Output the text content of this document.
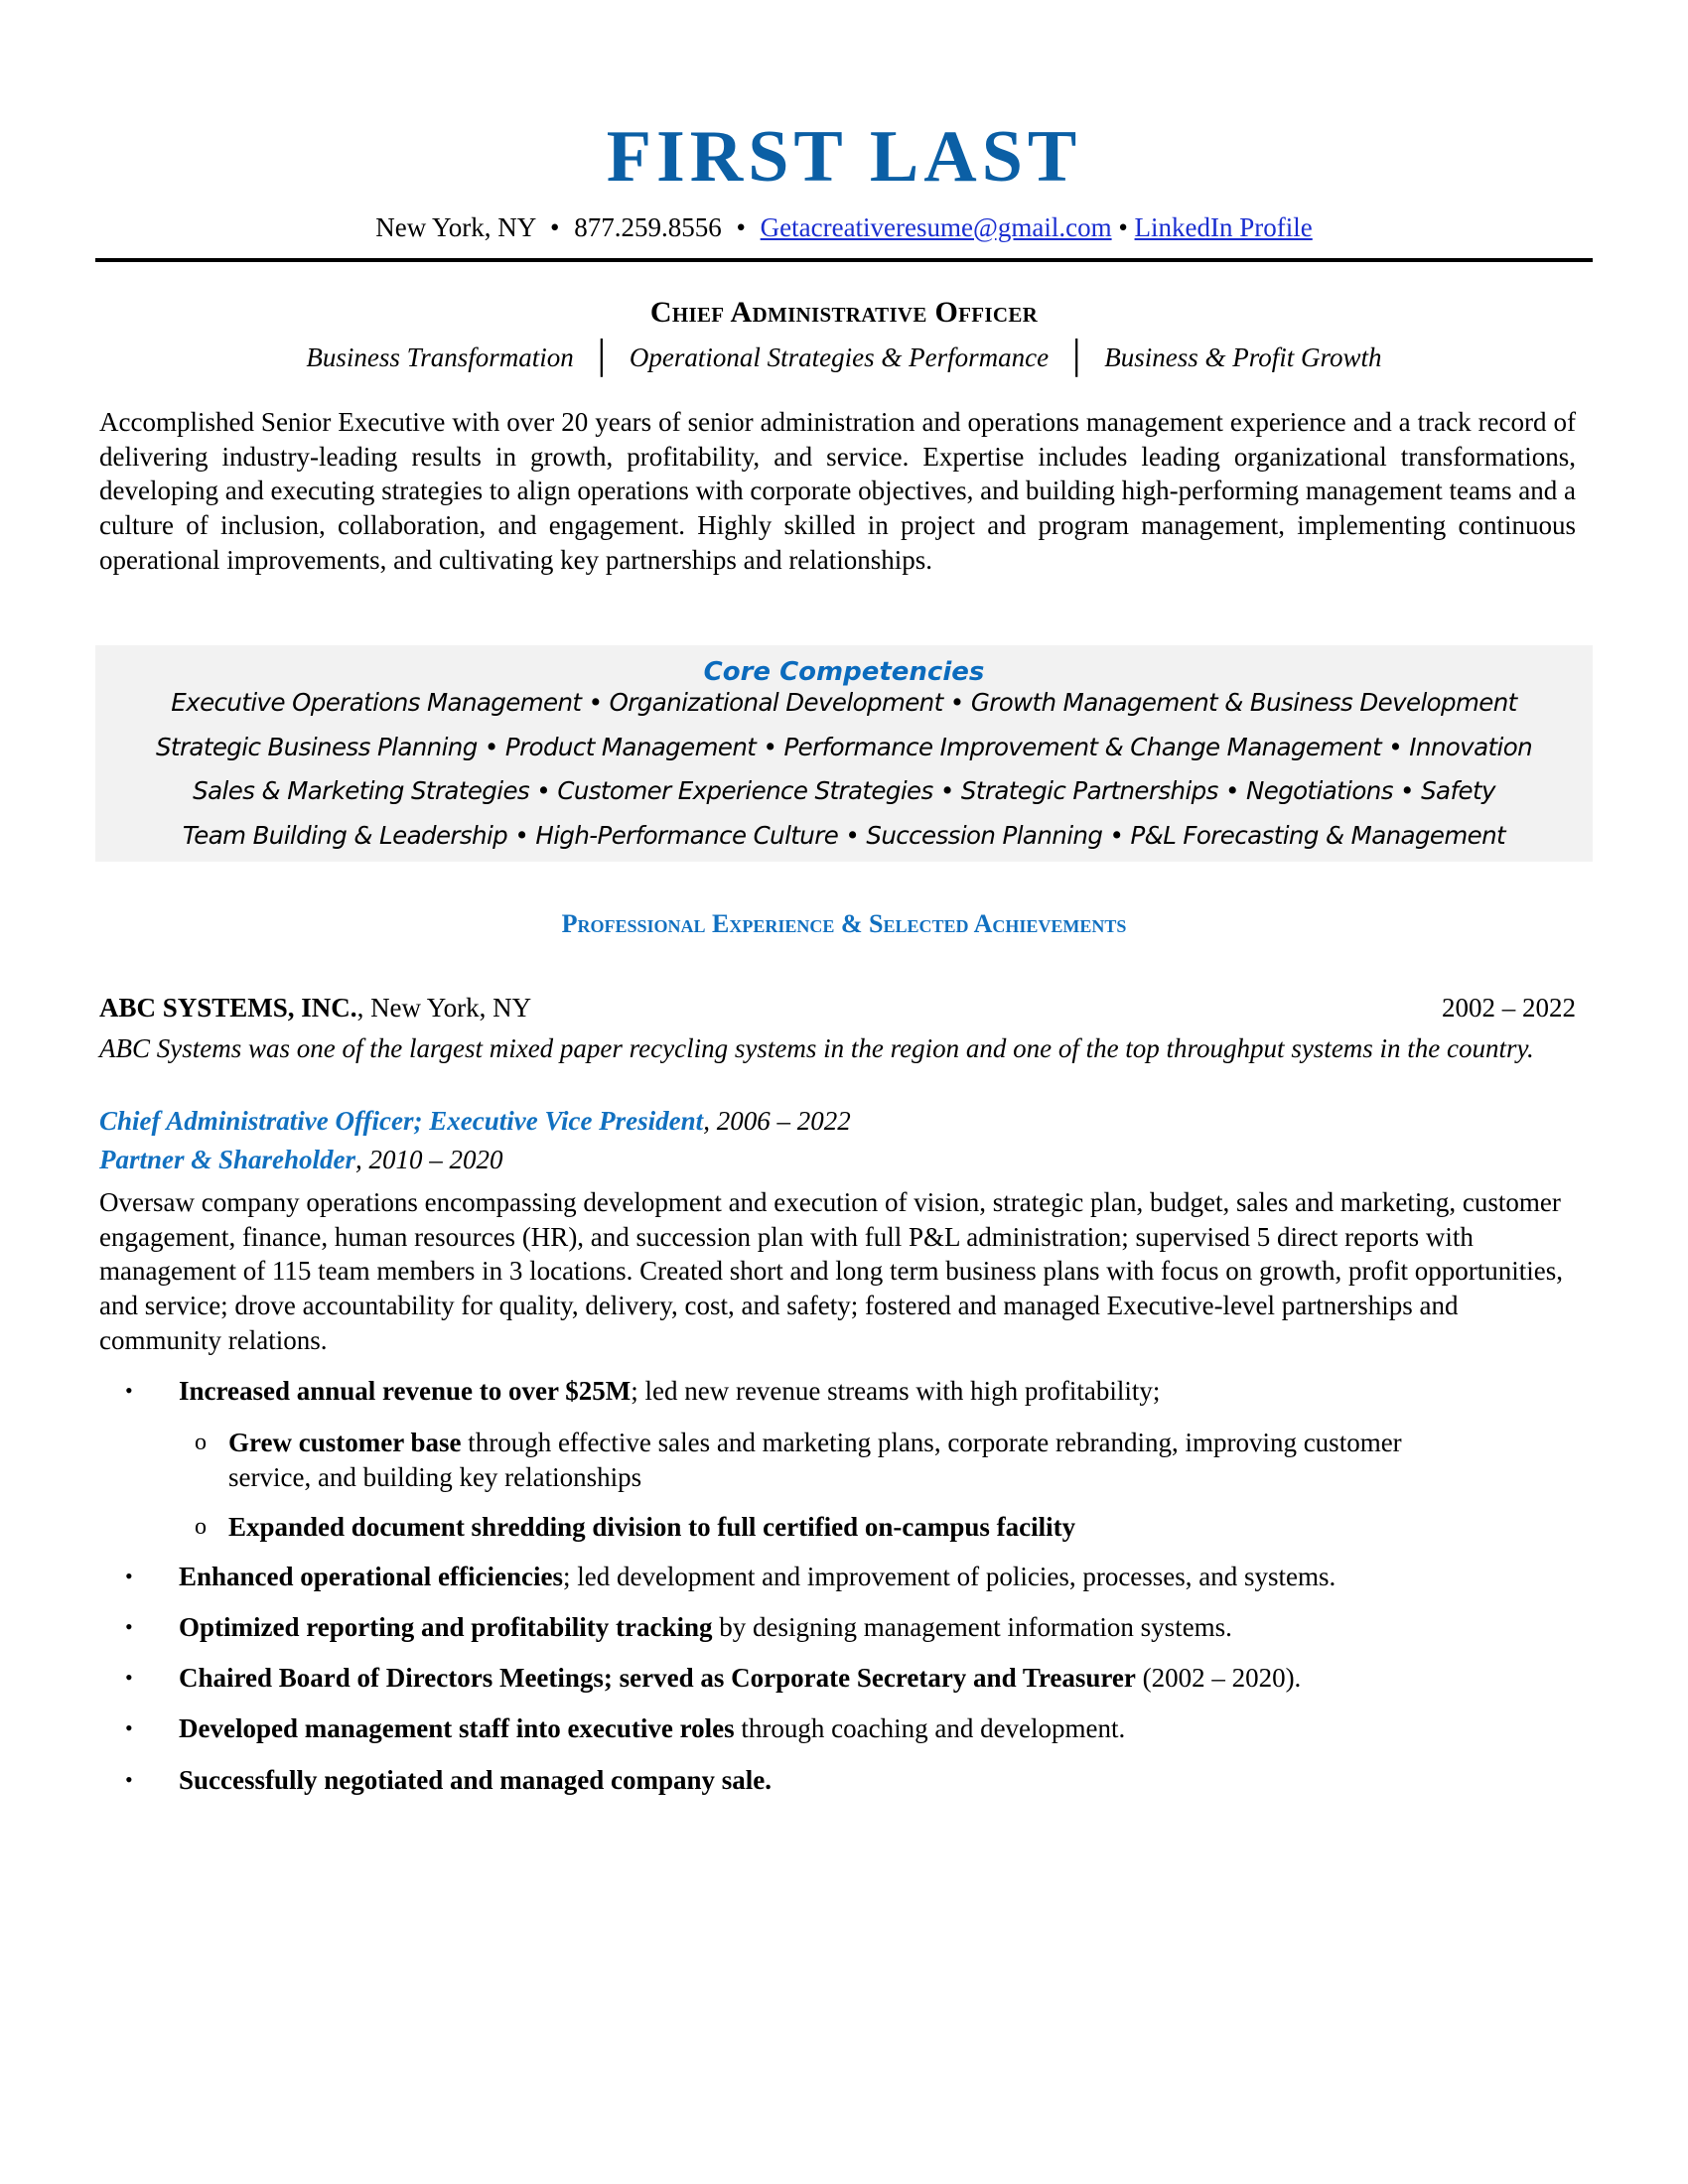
FIRST LAST
New York, NY • 877.259.8556 • Getacreativeresume@gmail.com • LinkedIn Profile
Chief Administrative Officer
Business Transformation │ Operational Strategies & Performance │ Business & Profit Growth
Accomplished Senior Executive with over 20 years of senior administration and operations management experience and a track record of delivering industry-leading results in growth, profitability, and service. Expertise includes leading organizational transformations, developing and executing strategies to align operations with corporate objectives, and building high-performing management teams and a culture of inclusion, collaboration, and engagement. Highly skilled in project and program management, implementing continuous operational improvements, and cultivating key partnerships and relationships.
Core Competencies
Executive Operations Management • Organizational Development • Growth Management & Business Development
Strategic Business Planning • Product Management • Performance Improvement & Change Management • Innovation
Sales & Marketing Strategies • Customer Experience Strategies • Strategic Partnerships • Negotiations • Safety
Team Building & Leadership • High-Performance Culture • Succession Planning • P&L Forecasting & Management
Professional Experience & Selected Achievements
ABC SYSTEMS, INC., New York, NY	2002 – 2022
ABC Systems was one of the largest mixed paper recycling systems in the region and one of the top throughput systems in the country.
Chief Administrative Officer; Executive Vice President, 2006 – 2022
Partner & Shareholder, 2010 – 2020
Oversaw company operations encompassing development and execution of vision, strategic plan, budget, sales and marketing, customer engagement, finance, human resources (HR), and succession plan with full P&L administration; supervised 5 direct reports with management of 115 team members in 3 locations. Created short and long term business plans with focus on growth, profit opportunities, and service; drove accountability for quality, delivery, cost, and safety; fostered and managed Executive-level partnerships and community relations.
• Increased annual revenue to over $25M; led new revenue streams with high profitability;
o Grew customer base through effective sales and marketing plans, corporate rebranding, improving customer service, and building key relationships
o Expanded document shredding division to full certified on-campus facility
• Enhanced operational efficiencies; led development and improvement of policies, processes, and systems.
• Optimized reporting and profitability tracking by designing management information systems.
• Chaired Board of Directors Meetings; served as Corporate Secretary and Treasurer (2002 – 2020).
• Developed management staff into executive roles through coaching and development.
• Successfully negotiated and managed company sale.
